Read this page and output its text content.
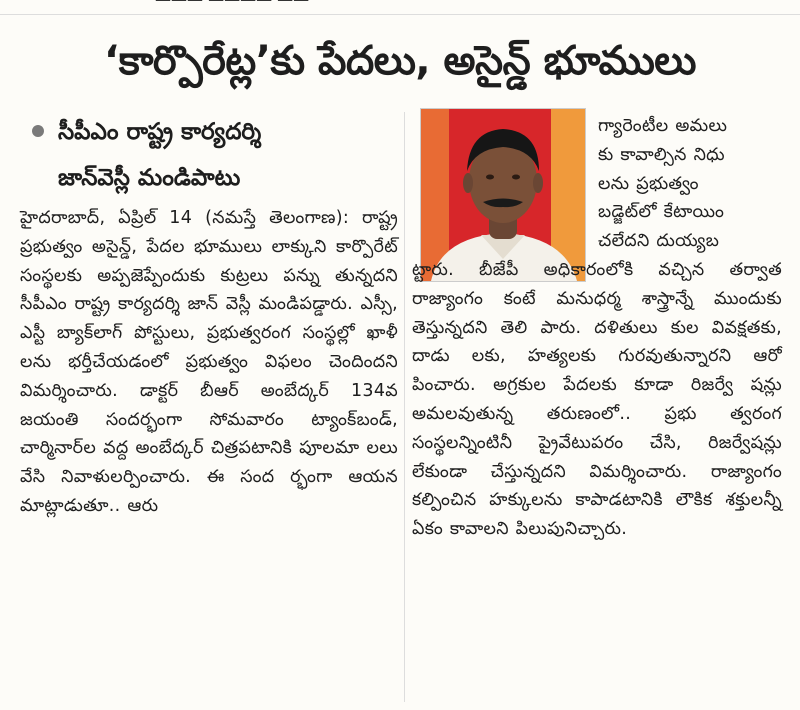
‘కార్పొరేట్ల’కు పేదలు, అసైన్డ్ భూములు
సీపీఎం రాష్ట్ర కార్యదర్శి
జాన్‌వెస్లీ మండిపాటు
హైదరాబాద్, ఏప్రిల్ 14 (నమస్తే తెలంగాణ): రాష్ట్ర ప్రభుత్వం అసైన్డ్, పేదల భూములు లాక్కుని కార్పొరేట్ సంస్థలకు అప్పజెప్పేందుకు కుట్రలు పన్ను తున్నదని సీపీఎం రాష్ట్ర కార్యదర్శి జాన్ వెస్లీ మండిపడ్డారు. ఎస్సీ, ఎస్టీ బ్యాక్‌లాగ్ పోస్టులు, ప్రభుత్వరంగ సంస్థల్లో ఖాళీ లను భర్తీచేయడంలో ప్రభుత్వం విఫలం చెందిందని విమర్శించారు. డాక్టర్ బీఆర్ అంబేద్కర్ 134వ జయంతి సందర్భంగా సోమవారం ట్యాంక్‌బండ్, చార్మినార్‌ల వద్ద అంబేద్కర్ చిత్రపటానికి పూలమా లలు వేసి నివాళులర్పించారు. ఈ సంద ర్భంగా ఆయన మాట్లాడుతూ.. ఆరు
గ్యారెంటీల అమలు
కు కావాల్సిన నిధు
లను ప్రభుత్వం
బడ్జెట్‌లో కేటాయిం
చలేదని దుయ్యబ
ట్టారు. బీజేపీ అధికారంలోకి వచ్చిన తర్వాత రాజ్యాంగం కంటే మనుధర్మ శాస్త్రాన్నే ముందుకు తెస్తున్నదని తెలి పారు. దళితులు కుల వివక్షతకు, దాడు లకు, హత్యలకు గురవుతున్నారని ఆరో పించారు. అగ్రకుల పేదలకు కూడా రిజర్వే షన్లు అమలవుతున్న తరుణంలో.. ప్రభు త్వరంగ సంస్థలన్నింటినీ ప్రైవేటుపరం చేసి, రిజర్వేషన్లు లేకుండా చేస్తున్నదని విమర్శించారు. రాజ్యాంగం కల్పించిన హక్కులను కాపాడటానికి లౌకిక శక్తులన్నీ ఏకం కావాలని పిలుపునిచ్చారు.
